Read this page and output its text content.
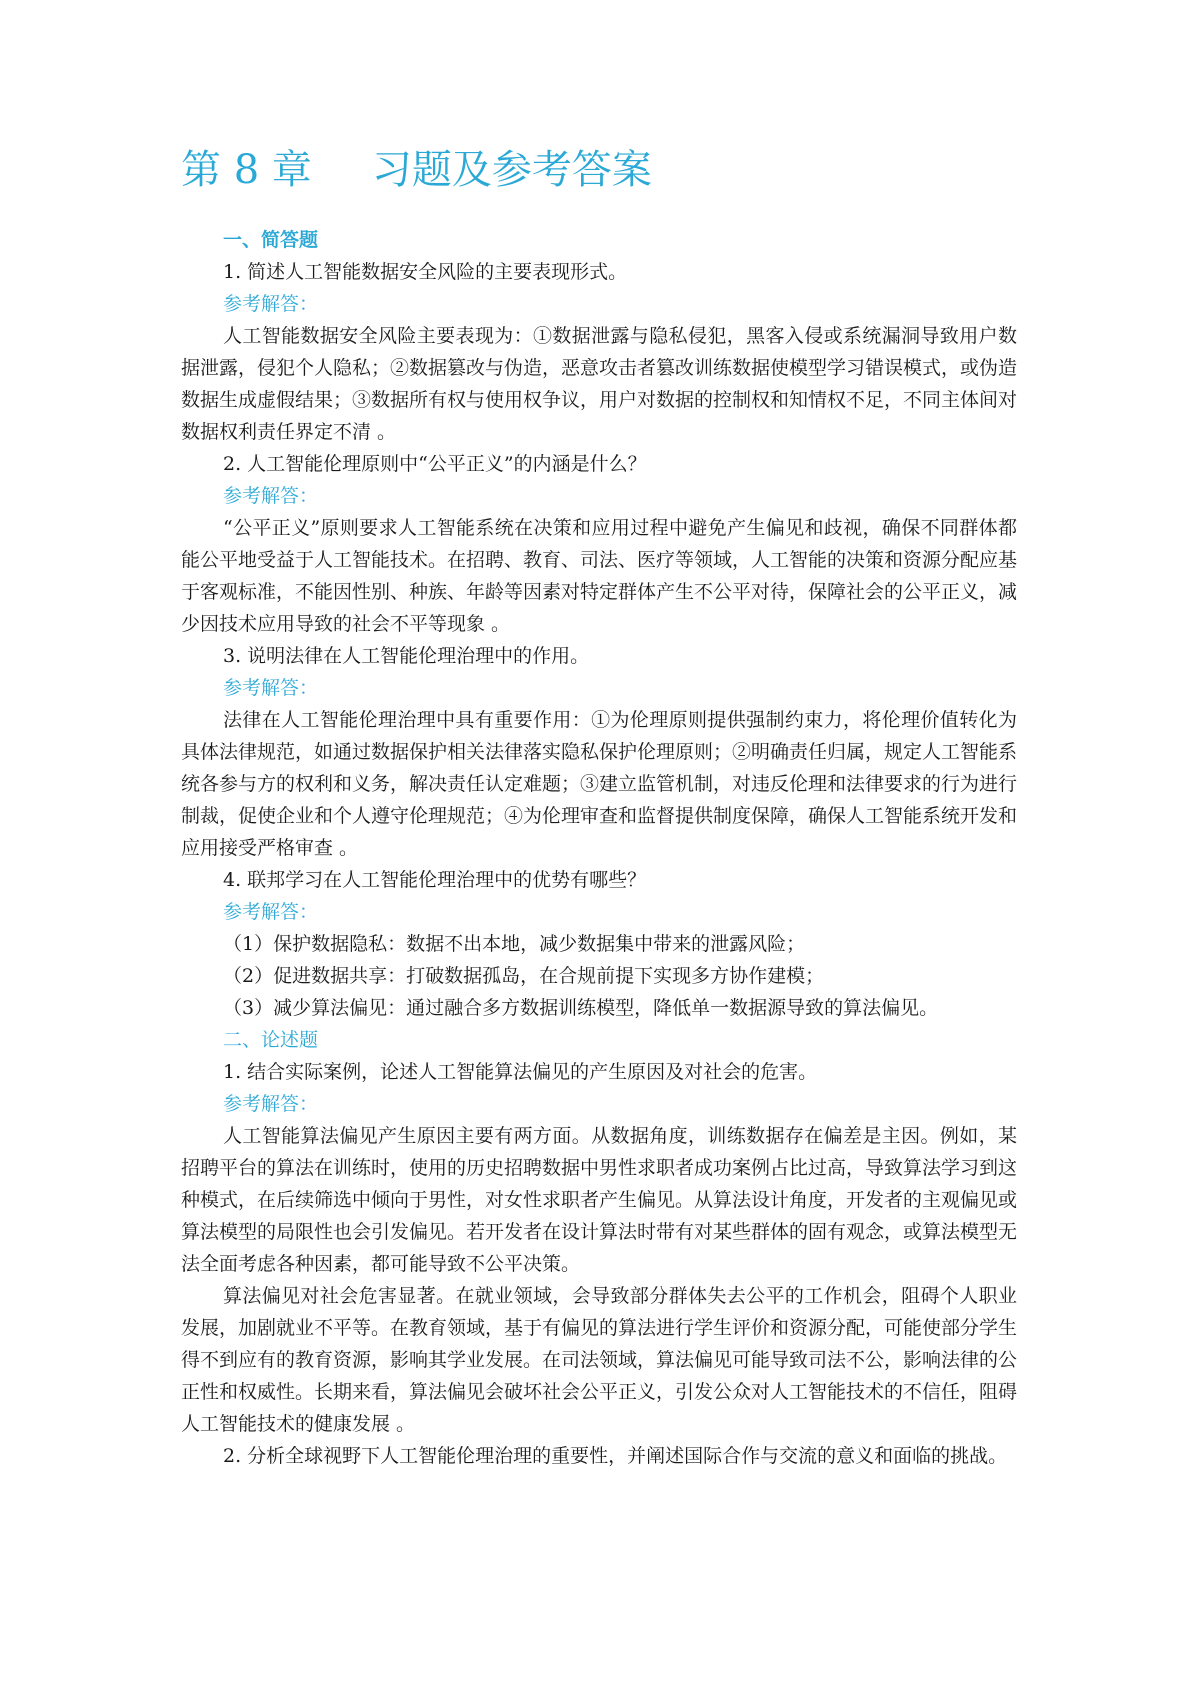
第 8 章 习题及参考答案

一、简答题

1. 简述人工智能数据安全风险的主要表现形式。

参考解答：

人工智能数据安全风险主要表现为：①数据泄露与隐私侵犯，黑客入侵或系统漏洞导致用户数据泄露，侵犯个人隐私；②数据篡改与伪造，恶意攻击者篡改训练数据使模型学习错误模式，或伪造数据生成虚假结果；③数据所有权与使用权争议，用户对数据的控制权和知情权不足，不同主体间对数据权利责任界定不清 。

2. 人工智能伦理原则中“公平正义”的内涵是什么？

参考解答：

“公平正义”原则要求人工智能系统在决策和应用过程中避免产生偏见和歧视，确保不同群体都能公平地受益于人工智能技术。在招聘、教育、司法、医疗等领域，人工智能的决策和资源分配应基于客观标准，不能因性别、种族、年龄等因素对特定群体产生不公平对待，保障社会的公平正义，减少因技术应用导致的社会不平等现象 。

3. 说明法律在人工智能伦理治理中的作用。

参考解答：

法律在人工智能伦理治理中具有重要作用：①为伦理原则提供强制约束力，将伦理价值转化为具体法律规范，如通过数据保护相关法律落实隐私保护伦理原则；②明确责任归属，规定人工智能系统各参与方的权利和义务，解决责任认定难题；③建立监管机制，对违反伦理和法律要求的行为进行制裁，促使企业和个人遵守伦理规范；④为伦理审查和监督提供制度保障，确保人工智能系统开发和应用接受严格审查 。

4. 联邦学习在人工智能伦理治理中的优势有哪些？

参考解答：

（1）保护数据隐私：数据不出本地，减少数据集中带来的泄露风险；

（2）促进数据共享：打破数据孤岛，在合规前提下实现多方协作建模；

（3）减少算法偏见：通过融合多方数据训练模型，降低单一数据源导致的算法偏见。

二、论述题

1. 结合实际案例，论述人工智能算法偏见的产生原因及对社会的危害。

参考解答：

人工智能算法偏见产生原因主要有两方面。从数据角度，训练数据存在偏差是主因。例如，某招聘平台的算法在训练时，使用的历史招聘数据中男性求职者成功案例占比过高，导致算法学习到这种模式，在后续筛选中倾向于男性，对女性求职者产生偏见。从算法设计角度，开发者的主观偏见或算法模型的局限性也会引发偏见。若开发者在设计算法时带有对某些群体的固有观念，或算法模型无法全面考虑各种因素，都可能导致不公平决策。

算法偏见对社会危害显著。在就业领域，会导致部分群体失去公平的工作机会，阻碍个人职业发展，加剧就业不平等。在教育领域，基于有偏见的算法进行学生评价和资源分配，可能使部分学生得不到应有的教育资源，影响其学业发展。在司法领域，算法偏见可能导致司法不公，影响法律的公正性和权威性。长期来看，算法偏见会破坏社会公平正义，引发公众对人工智能技术的不信任，阻碍人工智能技术的健康发展 。

2. 分析全球视野下人工智能伦理治理的重要性，并阐述国际合作与交流的意义和面临的挑战。
